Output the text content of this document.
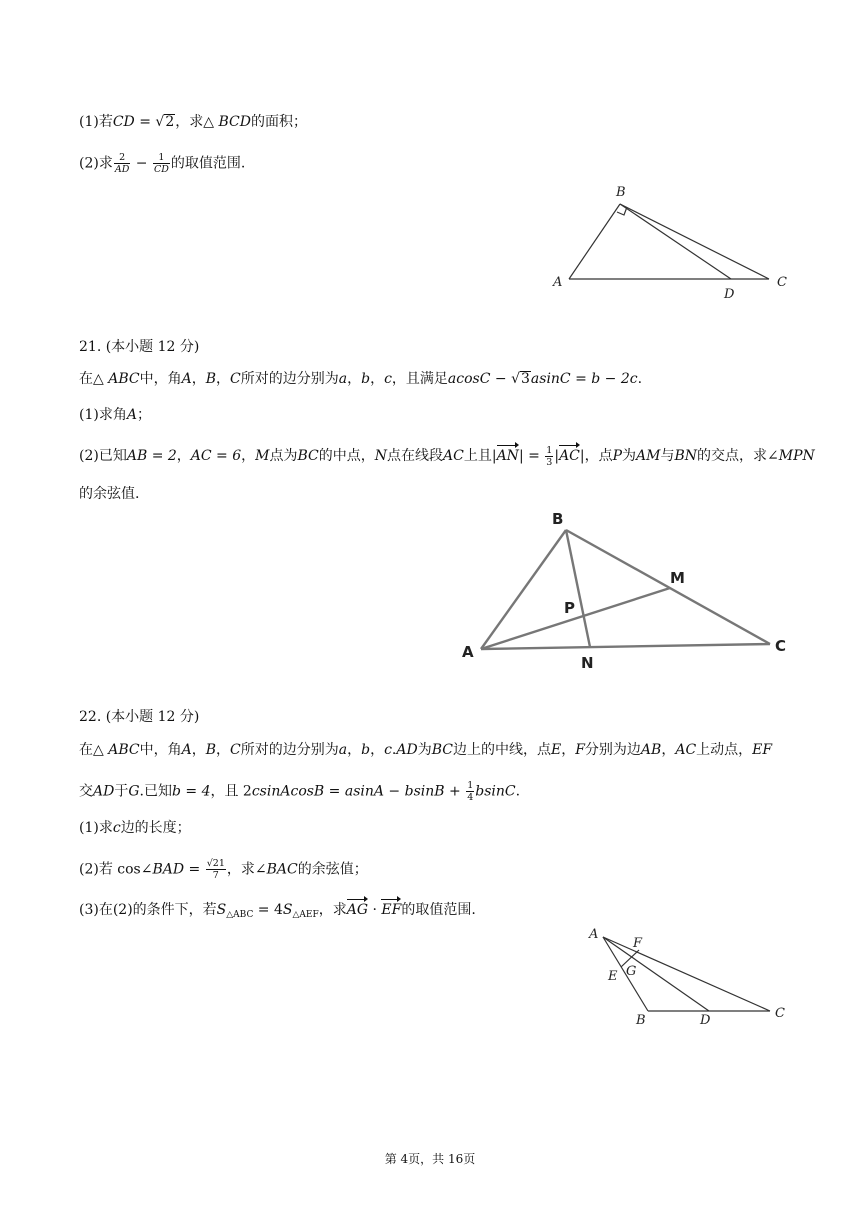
(1)若CD = √2，求△ BCD的面积；
(2)求 $\frac{2}{AD} - \frac{1}{CD}$ 的取值范围.
B
A
D
C
21. (本小题 12 分)
在△ ABC中，角A，B，C所对的边分别为a，b，c，且满足acosC − √3asinC = b − 2c.
(1)求角A；
(2)已知AB = 2，AC = 6，M点为BC的中点，N点在线段AC上且$|AN| = \frac{1}{3} |AC|$，点P为AM与BN的交点，求∠MPN
的余弦值.
B
A
M
P
N
C
22. (本小题 12 分)
在△ ABC中，角A，B，C所对的边分别为a，b，c.AD为BC边上的中线，点E，F分别为边AB，AC上动点，EF
交AD于G.已知b = 4，且 2csinAcosB = $asinA - bsinB + \frac{1}{4} bsinC$.
(1)求c边的长度；
(2)若 cos∠BAD = $\frac{√21}{7}$ ，求∠BAC的余弦值；
(3)在(2)的条件下，若$S_{\triangle ABC} = 4S_{\triangle AEF}$，求AG · EF的取值范围.
A
F
G
E
B	D	C
第 4页，共 16页
